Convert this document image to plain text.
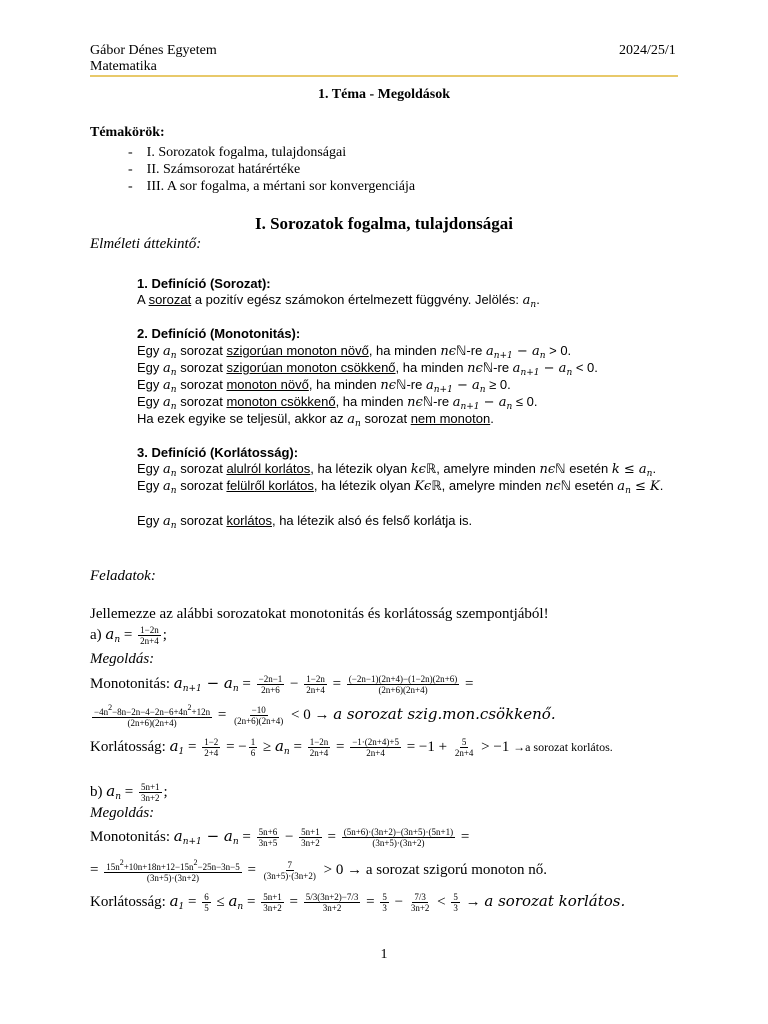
Gábor Dénes Egyetem
Matematika
2024/25/1
1. Téma - Megoldások
Témakörök:
-    I. Sorozatok fogalma, tulajdonságai
-    II. Számsorozat határértéke
-    III. A sor fogalma, a mértani sor konvergenciája
I. Sorozatok fogalma, tulajdonságai
Elméleti áttekintő:
1. Definíció (Sorozat):
A sorozat a pozitív egész számokon értelmezett függvény. Jelölés: $a_n$.
2. Definíció (Monotonitás):
Egy $a_n$ sorozat szigorúan monoton növő, ha minden nϵℕ-re $a_{n+1} - a_n > 0$.
Egy $a_n$ sorozat szigorúan monoton csökkenő, ha minden nϵℕ-re $a_{n+1} - a_n < 0$.
Egy $a_n$ sorozat monoton növő, ha minden nϵℕ-re $a_{n+1} - a_n \ge 0$.
Egy $a_n$ sorozat monoton csökkenő, ha minden nϵℕ-re $a_{n+1} - a_n \le 0$.
Ha ezek egyike se teljesül, akkor az $a_n$ sorozat nem monoton.
3. Definíció (Korlátosság):
Egy $a_n$ sorozat alulról korlátos, ha létezik olyan kϵℝ, amelyre minden nϵℕ esetén $k \le a_n$.
Egy $a_n$ sorozat felülről korlátos, ha létezik olyan Kϵℝ, amelyre minden nϵℕ esetén $a_n \le K$.
Egy $a_n$ sorozat korlátos, ha létezik alsó és felső korlátja is.
Feladatok:
Jellemezze az alábbi sorozatokat monotonitás és korlátosság szempontjából!
a) $a_n = \frac{1-2n}{2n+4}$ ;
Megoldás:
Monotonitás: $a_{n+1} - a_n = \frac{-2n-1}{2n+6} - \frac{1-2n}{2n+4} = \frac{(-2n-1)(2n+4)-(1-2n)(2n+6)}{(2n+6)(2n+4)}$ =
$\frac{-4n2-8n-2n-4-2n-6+4n2+12n}{(2n+6)(2n+4)} = \frac{-10}{(2n+6)(2n+4)} < 0 \to a$ sorozat szig.mon.csökkenő.
Korlátosság: $a_1 = \frac{1-2}{2+4}$ = − $\frac{1}{6} \ge a_n = \frac{1-2n}{2n+4} = \frac{-1\cdot(2n+4)+5}{2n+4} = -1 + \frac{5}{2n+4} > -1 \to a$ sorozat korlátos.
b) $a_n = \frac{5n+1}{3n+2}$ ;
Megoldás:
Monotonitás: $a_{n+1} - a_n = \frac{5n+6}{3n+5} - \frac{5n+1}{3n+2} = \frac{(5n+6)\cdot(3n+2)-(3n+5)\cdot(5n+1)}{(3n+5)\cdot(3n+2)}$ =
= $\frac{15n2+10n+18n+12-15n2-25n-3n-5}{(3n+5)\cdot(3n+2)} = \frac{7}{(3n+5)\cdot(3n+2)} > 0 \to a$ sorozat szigorú monoton nő.
Korlátosság: $a_1 = \frac{6}{5} \le a_n = \frac{5n+1}{3n+2} = \frac{5/3(3n+2)-7/3}{3n+2} = \frac{5}{3} - \frac{7/3}{3n+2} < \frac{5}{3} \to a$ sorozat korlátos.
1
